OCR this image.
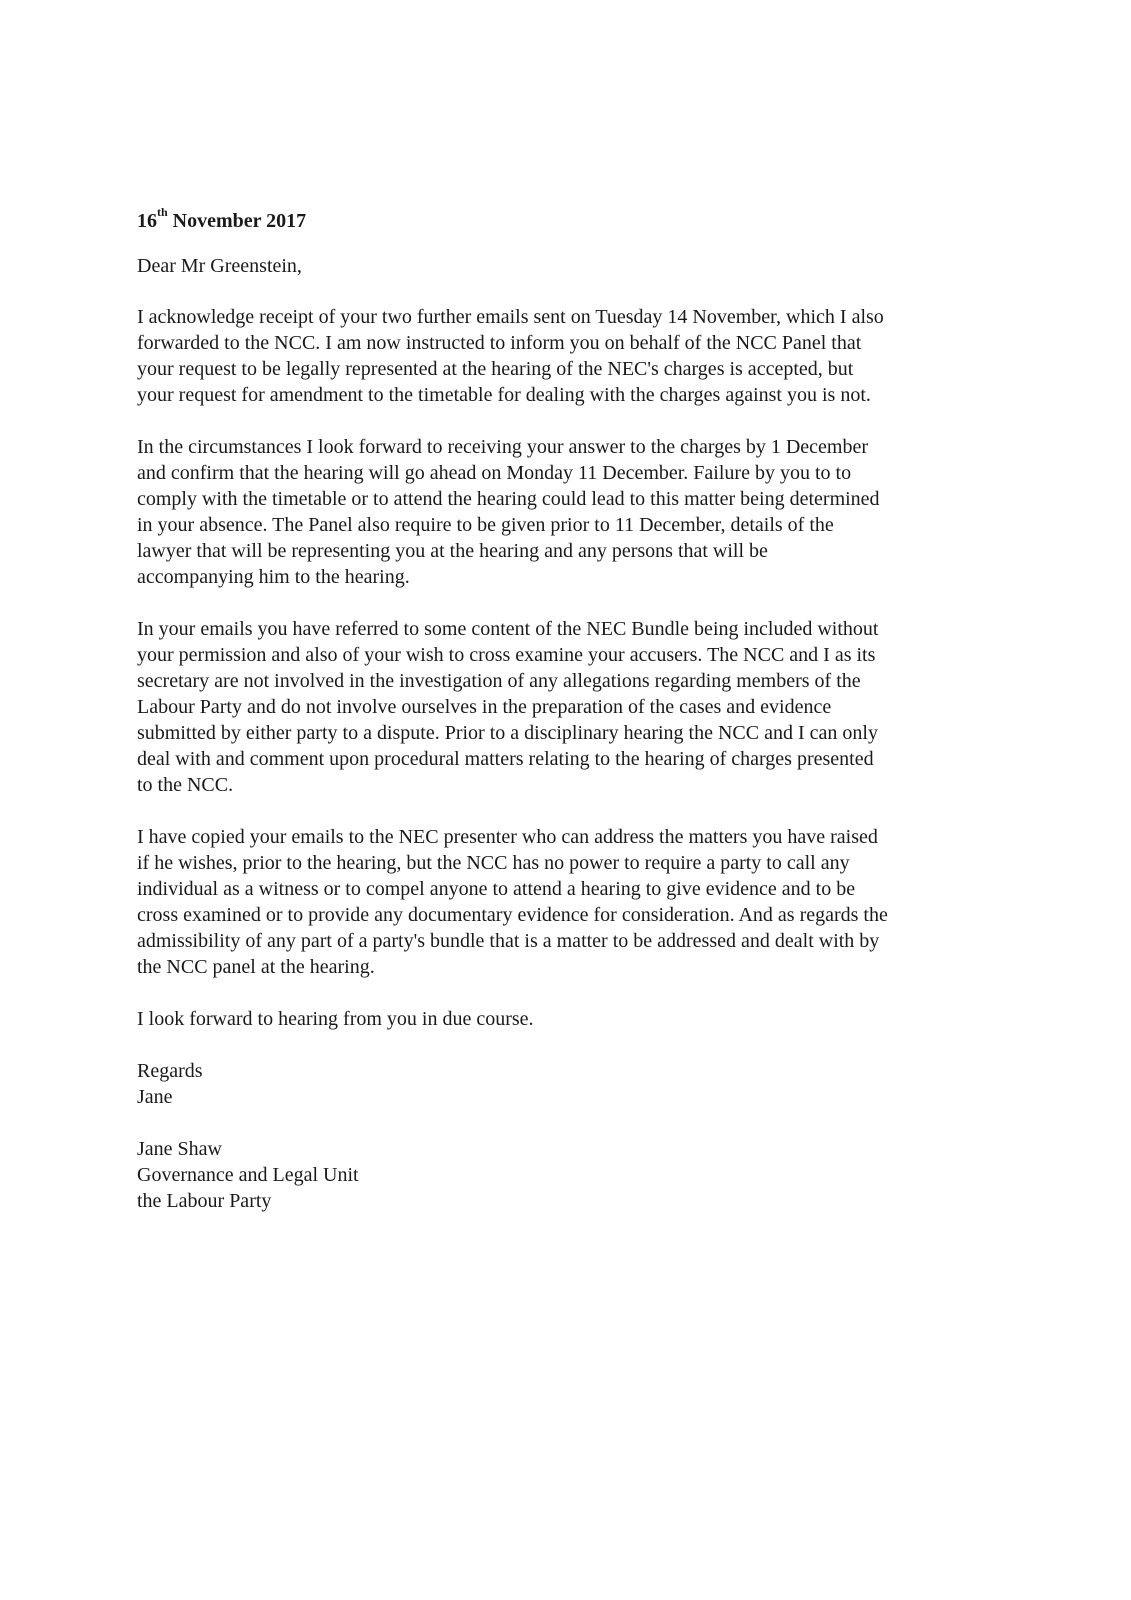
16th November 2017
Dear Mr Greenstein,
I acknowledge receipt of your two further emails sent on Tuesday 14 November, which I also
forwarded to the NCC. I am now instructed to inform you on behalf of the NCC Panel that
your request to be legally represented at the hearing of the NEC's charges is accepted, but
your request for amendment to the timetable for dealing with the charges against you is not.
In the circumstances I look forward to receiving your answer to the charges by 1 December
and confirm that the hearing will go ahead on Monday 11 December. Failure by you to to
comply with the timetable or to attend the hearing could lead to this matter being determined
in your absence. The Panel also require to be given prior to 11 December, details of the
lawyer that will be representing you at the hearing and any persons that will be
accompanying him to the hearing.
In your emails you have referred to some content of the NEC Bundle being included without
your permission and also of your wish to cross examine your accusers. The NCC and I as its
secretary are not involved in the investigation of any allegations regarding members of the
Labour Party and do not involve ourselves in the preparation of the cases and evidence
submitted by either party to a dispute. Prior to a disciplinary hearing the NCC and I can only
deal with and comment upon procedural matters relating to the hearing of charges presented
to the NCC.
I have copied your emails to the NEC presenter who can address the matters you have raised
if he wishes, prior to the hearing, but the NCC has no power to require a party to call any
individual as a witness or to compel anyone to attend a hearing to give evidence and to be
cross examined or to provide any documentary evidence for consideration. And as regards the
admissibility of any part of a party's bundle that is a matter to be addressed and dealt with by
the NCC panel at the hearing.
I look forward to hearing from you in due course.
Regards
Jane
Jane Shaw
Governance and Legal Unit
the Labour Party
